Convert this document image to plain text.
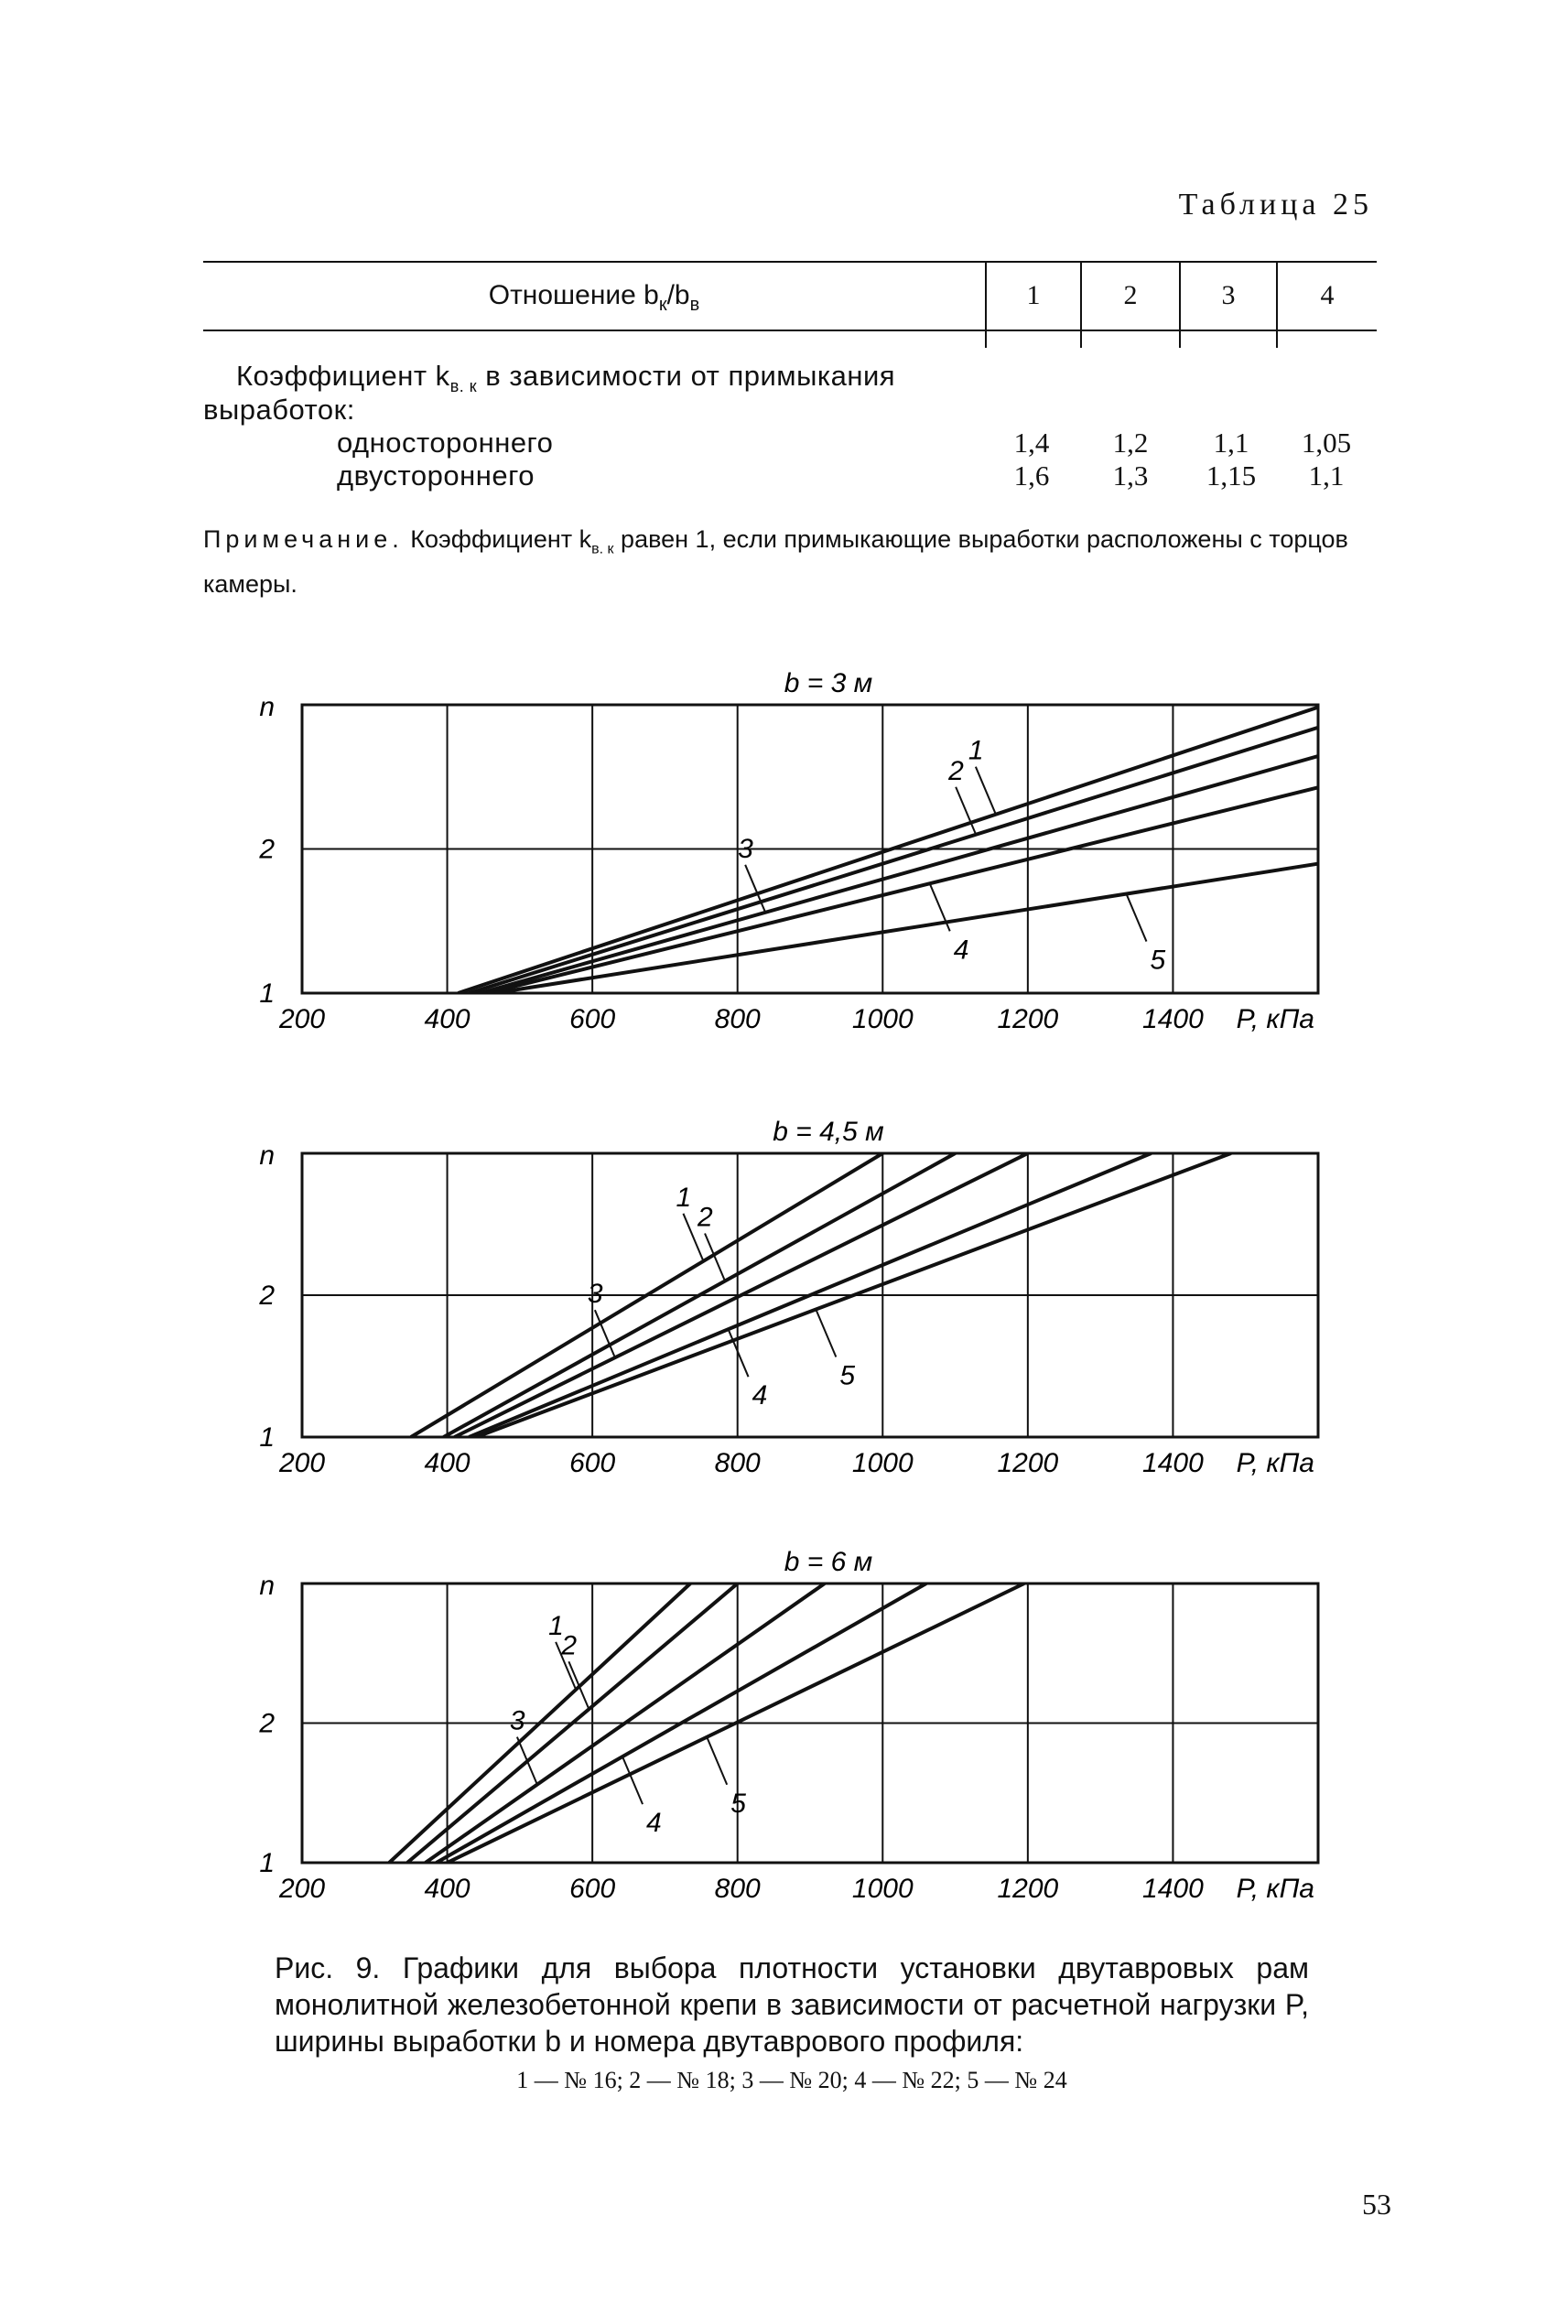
Таблица 25
Отношение $b_к/b_в$	1	2	3	4
Коэффициент $k_{в. к}$ в зависимости от примыкания
выработок:
одностороннего	1,4	1,2	1,1	1,05
двустороннего	1,6	1,3	1,15	1,1
Примечание. Коэффициент $k_{в. к}$ равен 1, если примыкающие выработки расположены с торцов камеры.
1
2
3
4	5
b = 3 м
200	400	600	800	1000	1200	1400 P, кПа
1
2
n
1
2
3
4
5
b = 4,5 м
200	400	600	800	1000	1200	1400 P, кПа
1
2
n
1
2
3
4
5
b = 6 м
200	400	600	800	1000	1200	1400 P, кПа
1
2
n
Рис. 9. Графики для выбора плотности установки двутавровых рам монолитной железобетонной крепи в зависимости от расчетной нагрузки P, ширины выработки b и номера двутаврового профиля:
1 — № 16; 2 — № 18; 3 — № 20; 4 — № 22; 5 — № 24
53
